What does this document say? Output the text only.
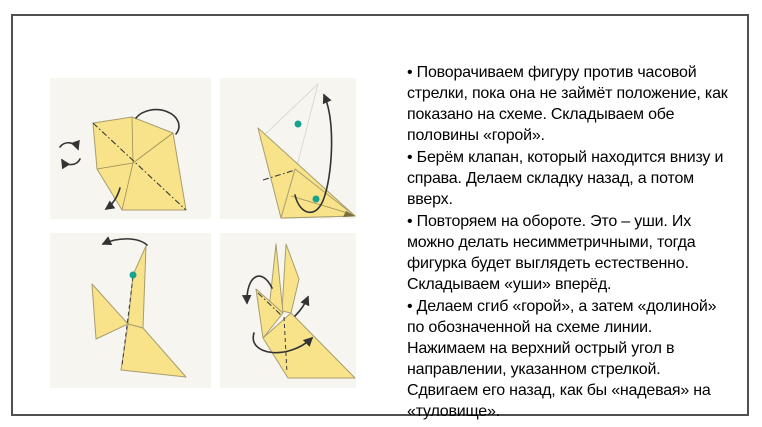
• Поворачиваем фигуру против часовой
стрелки, пока она не займёт положение, как
показано на схеме. Складываем обе
половины «горой».
• Берём клапан, который находится внизу и
справа. Делаем складку назад, а потом
вверх.
• Повторяем на обороте. Это – уши. Их
можно делать несимметричными, тогда
фигурка будет выглядеть естественно.
Складываем «уши» вперёд.
• Делаем сгиб «горой», а затем «долиной»
по обозначенной на схеме линии.
Нажимаем на верхний острый угол в
направлении, указанном стрелкой.
Сдвигаем его назад, как бы «надевая» на
«туловище».
